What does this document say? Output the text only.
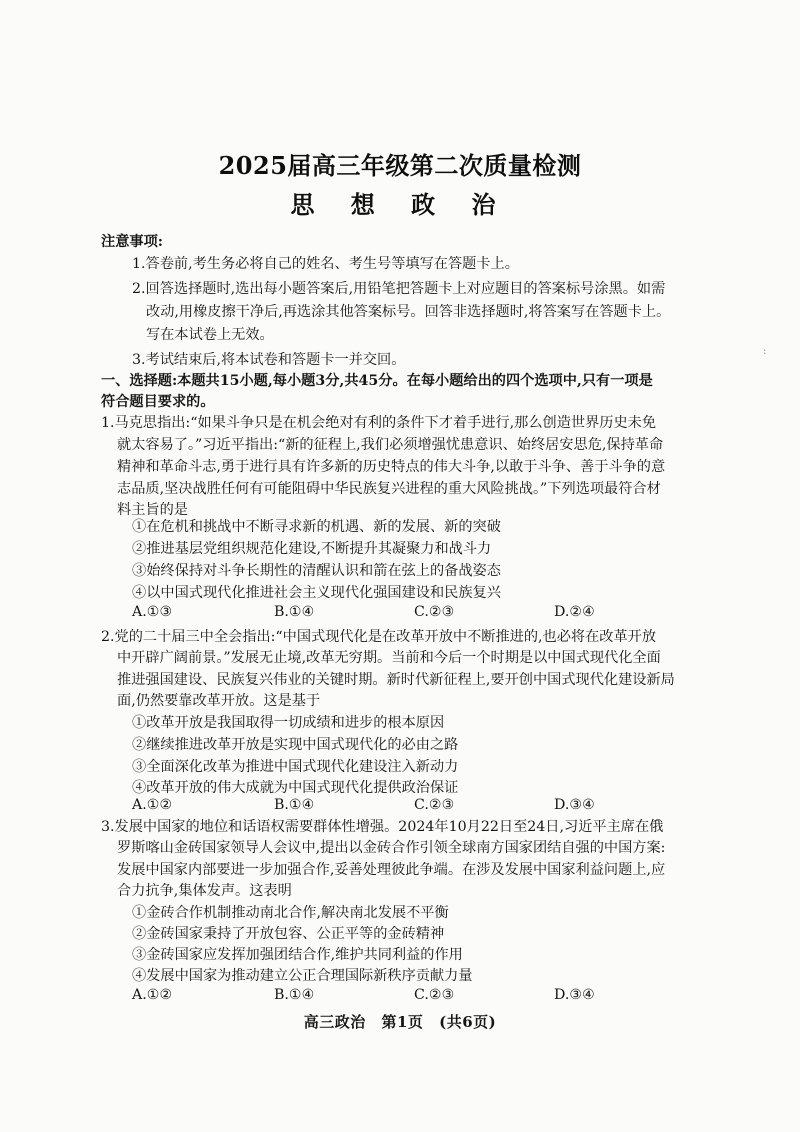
2025届高三年级第二次质量检测
思 想 政 治
注意事项:
1.答卷前,考生务必将自己的姓名、考生号等填写在答题卡上。
2.回答选择题时,选出每小题答案后,用铅笔把答题卡上对应题目的答案标号涂黑。如需
改动,用橡皮擦干净后,再选涂其他答案标号。回答非选择题时,将答案写在答题卡上。
写在本试卷上无效。
3.考试结束后,将本试卷和答题卡一并交回。
一、选择题:本题共15小题,每小题3分,共45分。在每小题给出的四个选项中,只有一项是
符合题目要求的。
1.马克思指出:“如果斗争只是在机会绝对有利的条件下才着手进行,那么创造世界历史未免
就太容易了。”习近平指出:“新的征程上,我们必须增强忧患意识、始终居安思危,保持革命
精神和革命斗志,勇于进行具有许多新的历史特点的伟大斗争,以敢于斗争、善于斗争的意
志品质,坚决战胜任何有可能阻碍中华民族复兴进程的重大风险挑战。”下列选项最符合材
料主旨的是
①在危机和挑战中不断寻求新的机遇、新的发展、新的突破
②推进基层党组织规范化建设,不断提升其凝聚力和战斗力
③始终保持对斗争长期性的清醒认识和箭在弦上的备战姿态
④以中国式现代化推进社会主义现代化强国建设和民族复兴
A.①③	B.①④	C.②③	D.②④
2.党的二十届三中全会指出:“中国式现代化是在改革开放中不断推进的,也必将在改革开放
中开辟广阔前景。”发展无止境,改革无穷期。当前和今后一个时期是以中国式现代化全面
推进强国建设、民族复兴伟业的关键时期。新时代新征程上,要开创中国式现代化建设新局
面,仍然要靠改革开放。这是基于
①改革开放是我国取得一切成绩和进步的根本原因
②继续推进改革开放是实现中国式现代化的必由之路
③全面深化改革为推进中国式现代化建设注入新动力
④改革开放的伟大成就为中国式现代化提供政治保证
A.①②	B.①④	C.②③	D.③④
3.发展中国家的地位和话语权需要群体性增强。2024年10月22日至24日,习近平主席在俄
罗斯喀山金砖国家领导人会议中,提出以金砖合作引领全球南方国家团结自强的中国方案:
发展中国家内部要进一步加强合作,妥善处理彼此争端。在涉及发展中国家利益问题上,应
合力抗争,集体发声。这表明
①金砖合作机制推动南北合作,解决南北发展不平衡
②金砖国家秉持了开放包容、公正平等的金砖精神
③金砖国家应发挥加强团结合作,维护共同利益的作用
④发展中国家为推动建立公正合理国际新秩序贡献力量
A.①②	B.①④	C.②③	D.③④
高三政治 第1页 (共6页)
:
